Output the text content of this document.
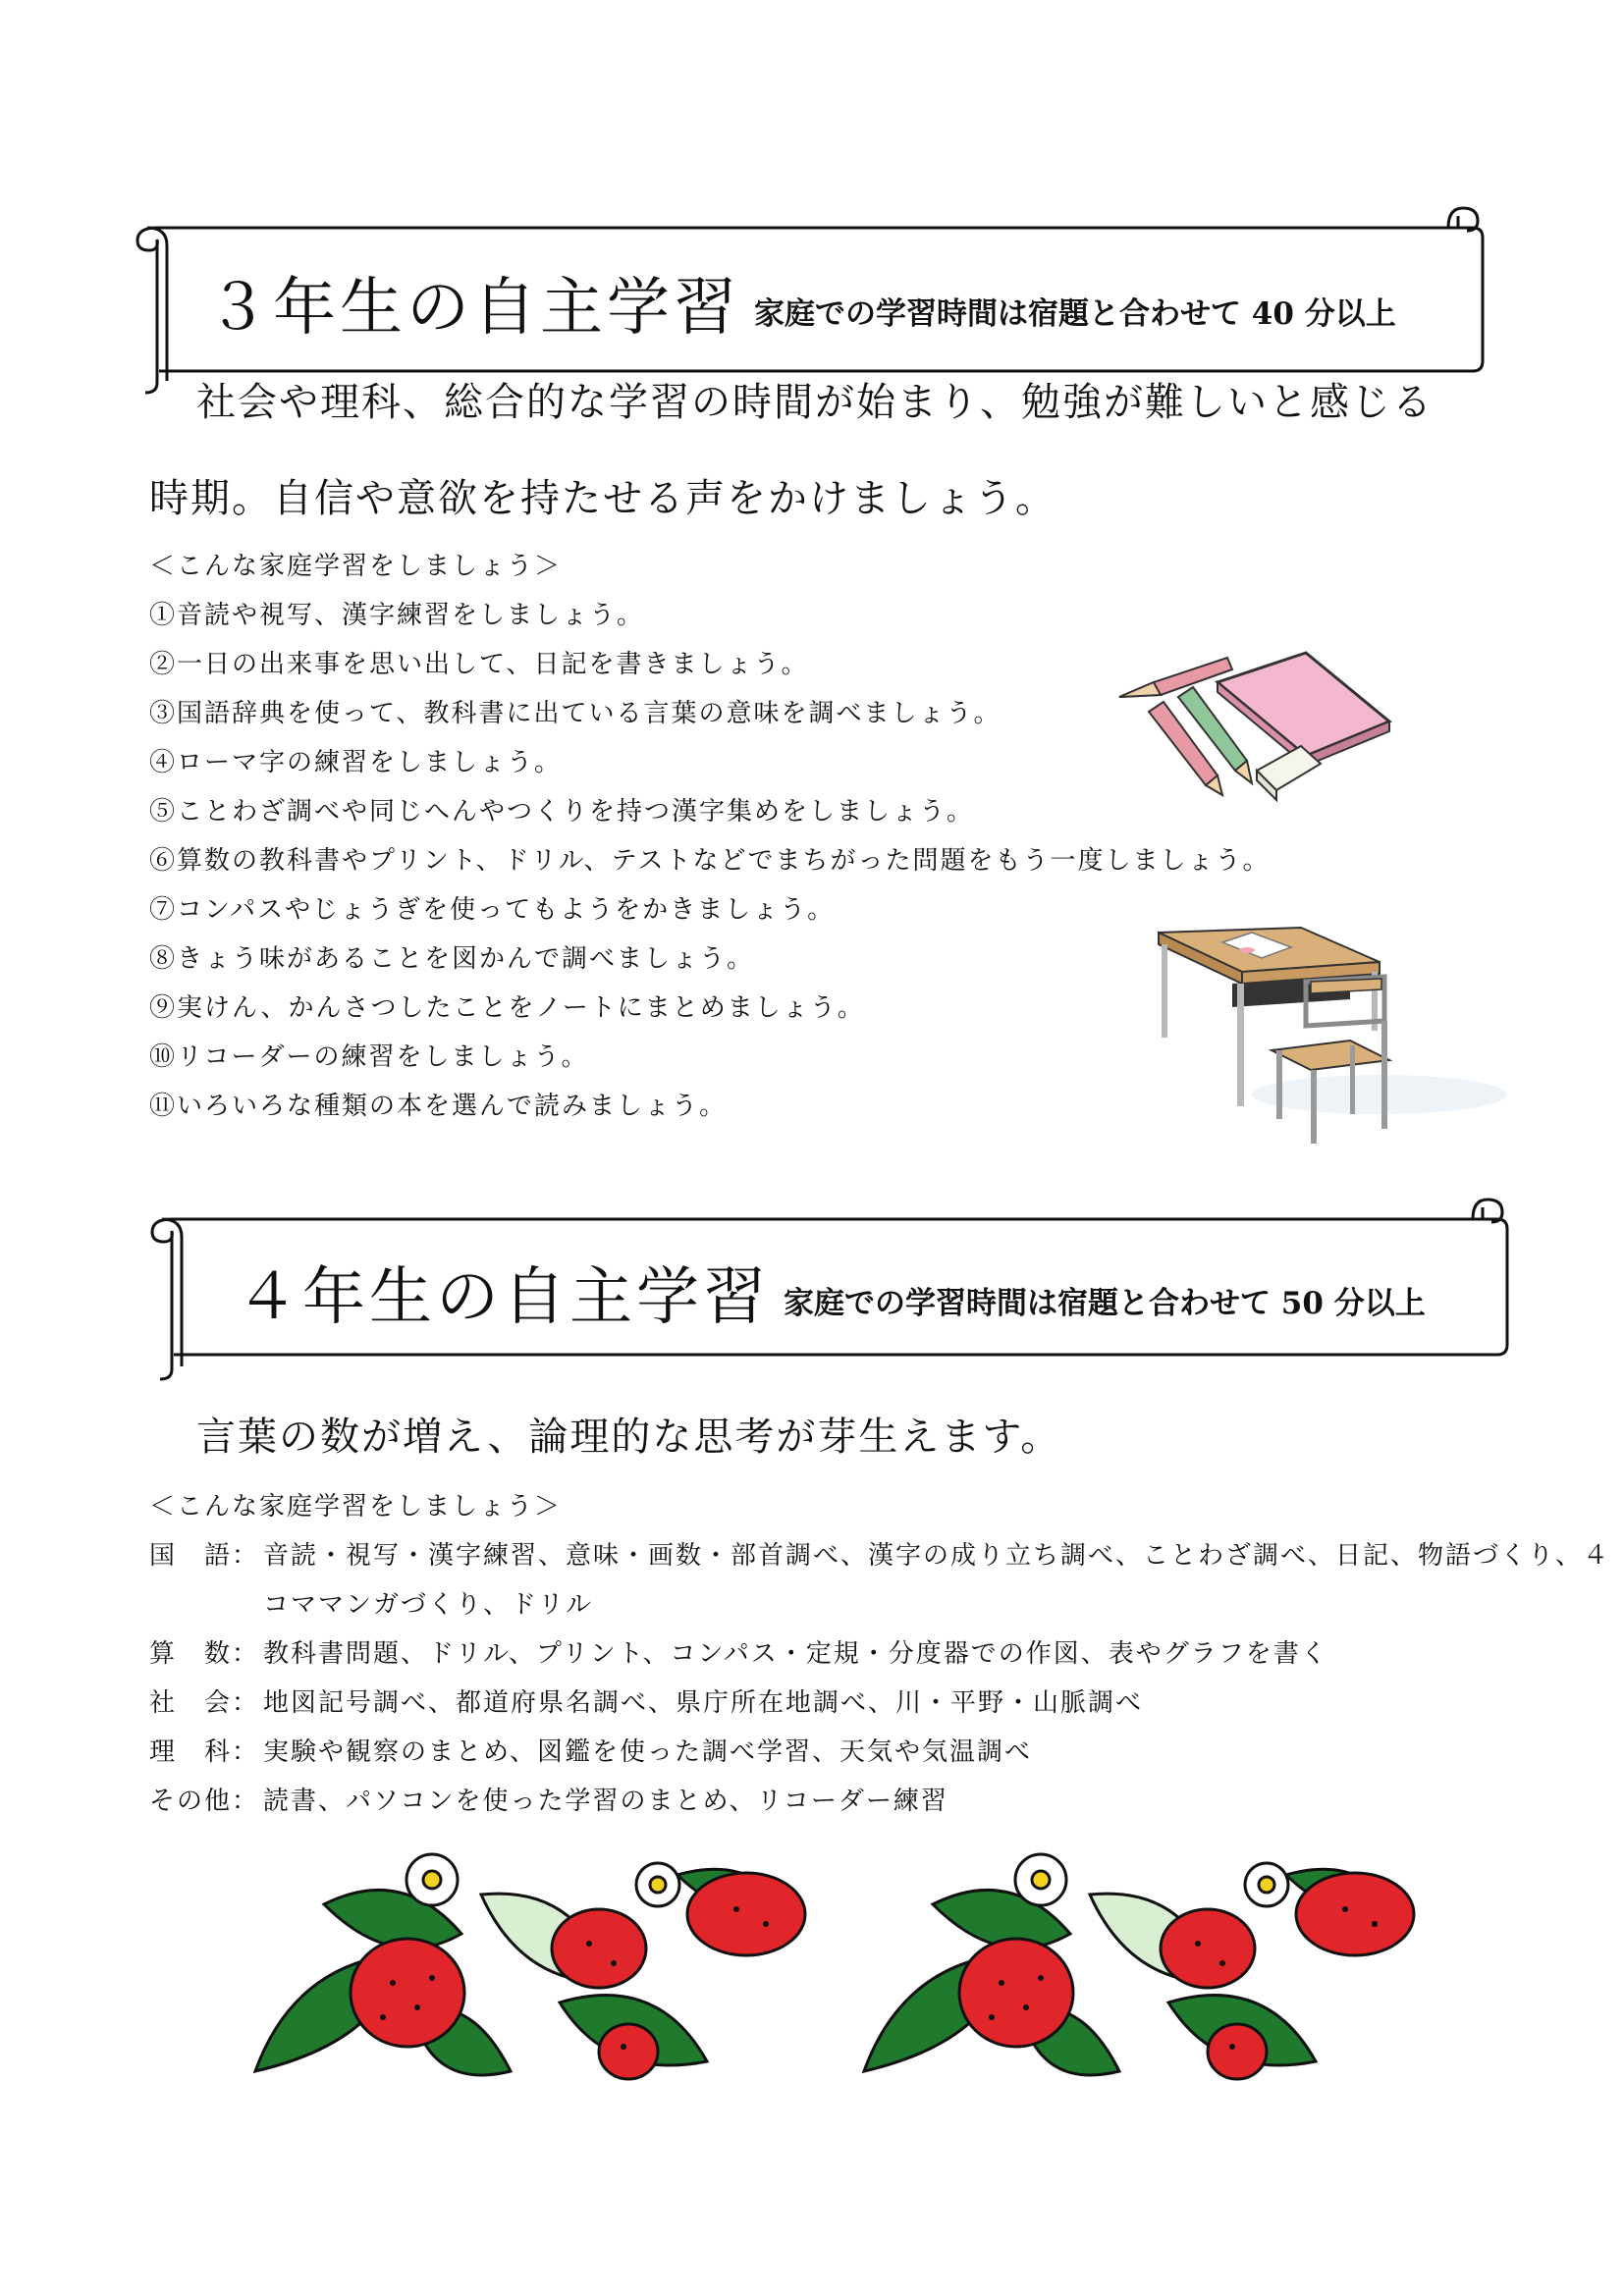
３年生の自主学習 家庭での学習時間は宿題と合わせて 40 分以上
社会や理科、総合的な学習の時間が始まり、勉強が難しいと感じる
時期。自信や意欲を持たせる声をかけましょう。
＜こんな家庭学習をしましょう＞
①音読や視写、漢字練習をしましょう。
②一日の出来事を思い出して、日記を書きましょう。
③国語辞典を使って、教科書に出ている言葉の意味を調べましょう。
④ローマ字の練習をしましょう。
⑤ことわざ調べや同じへんやつくりを持つ漢字集めをしましょう。
⑥算数の教科書やプリント、ドリル、テストなどでまちがった問題をもう一度しましょう。
⑦コンパスやじょうぎを使ってもようをかきましょう。
⑧きょう味があることを図かんで調べましょう。
⑨実けん、かんさつしたことをノートにまとめましょう。
⑩リコーダーの練習をしましょう。
⑪いろいろな種類の本を選んで読みましょう。
４年生の自主学習 家庭での学習時間は宿題と合わせて 50 分以上
言葉の数が増え、論理的な思考が芽生えます。
＜こんな家庭学習をしましょう＞
国　語： 音読・視写・漢字練習、意味・画数・部首調べ、漢字の成り立ち調べ、ことわざ調べ、日記、物語づくり、４コママンガづくり、ドリル
算　数： 教科書問題、ドリル、プリント、コンパス・定規・分度器での作図、表やグラフを書く
社　会： 地図記号調べ、都道府県名調べ、県庁所在地調べ、川・平野・山脈調べ
理　科： 実験や観察のまとめ、図鑑を使った調べ学習、天気や気温調べ
その他： 読書、パソコンを使った学習のまとめ、リコーダー練習
